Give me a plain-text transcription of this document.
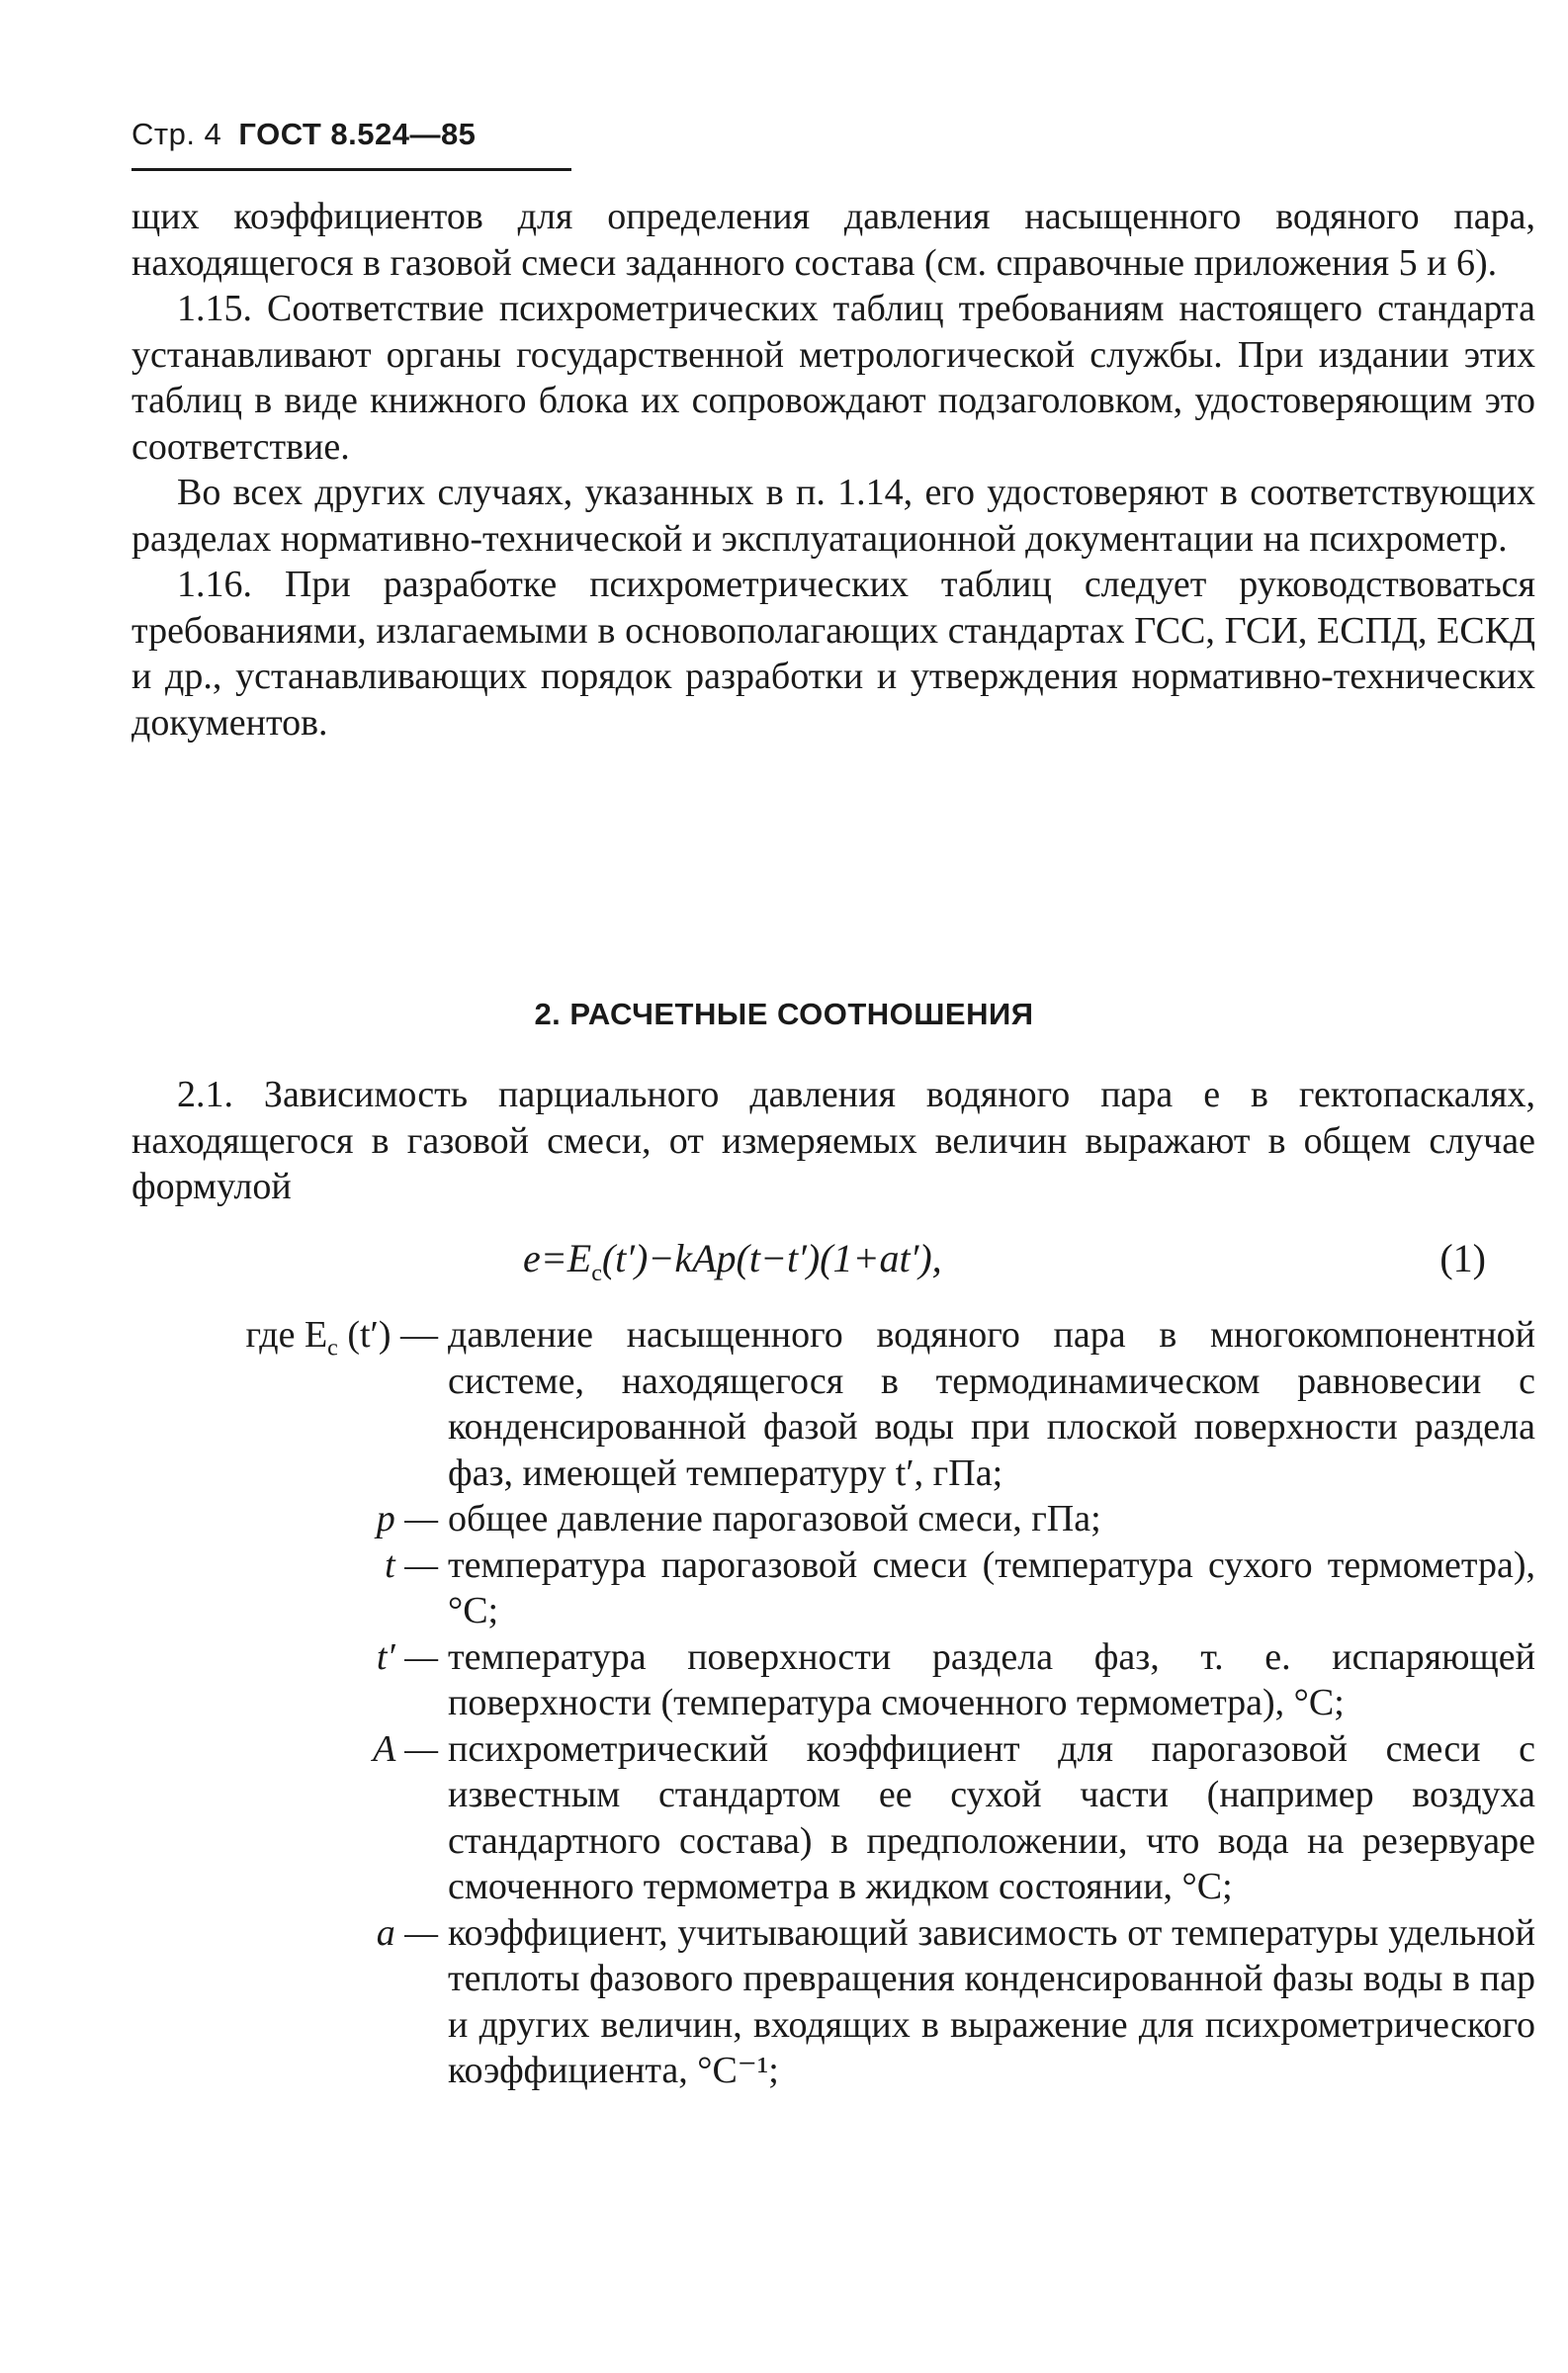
Стр. 4 ГОСТ 8.524—85

щих коэффициентов для определения давления насыщенного водяного пара, находящегося в газовой смеси заданного состава (см. справочные приложения 5 и 6).

1.15. Соответствие психрометрических таблиц требованиям настоящего стандарта устанавливают органы государственной метрологической службы. При издании этих таблиц в виде книжного блока их сопровождают подзаголовком, удостоверяющим это соответствие.

Во всех других случаях, указанных в п. 1.14, его удостоверяют в соответствующих разделах нормативно-технической и эксплуатационной документации на психрометр.

1.16. При разработке психрометрических таблиц следует руководствоваться требованиями, излагаемыми в основополагающих стандартах ГСС, ГСИ, ЕСПД, ЕСКД и др., устанавливающих порядок разработки и утверждения нормативно-технических документов.

2. РАСЧЕТНЫЕ СООТНОШЕНИЯ

2.1. Зависимость парциального давления водяного пара e в гектопаскалях, находящегося в газовой смеси, от измеряемых величин выражают в общем случае формулой

$e=E_c(t')-kAp(t-t')(1+at')$,	(1)
где $E_c$ (t′) — давление насыщенного водяного пара в многокомпонентной системе, находящегося в термодинамическом равновесии с конденсированной фазой воды при плоской поверхности раздела фаз, имеющей температуру t′, гПа;
p — общее давление парогазовой смеси, гПа;
t — температура парогазовой смеси (температура сухого термометра), °С;
t′ — температура поверхности раздела фаз, т. е. испаряющей поверхности (температура смоченного термометра), °С;
A — психрометрический коэффициент для парогазовой смеси с известным стандартом ее сухой части (например воздуха стандартного состава) в предположении, что вода на резервуаре смоченного термометра в жидком состоянии, °С;
a — коэффициент, учитывающий зависимость от температуры удельной теплоты фазового превращения конденсированной фазы воды в пар и других величин, входящих в выражение для психрометрического коэффициента, °С⁻¹;
